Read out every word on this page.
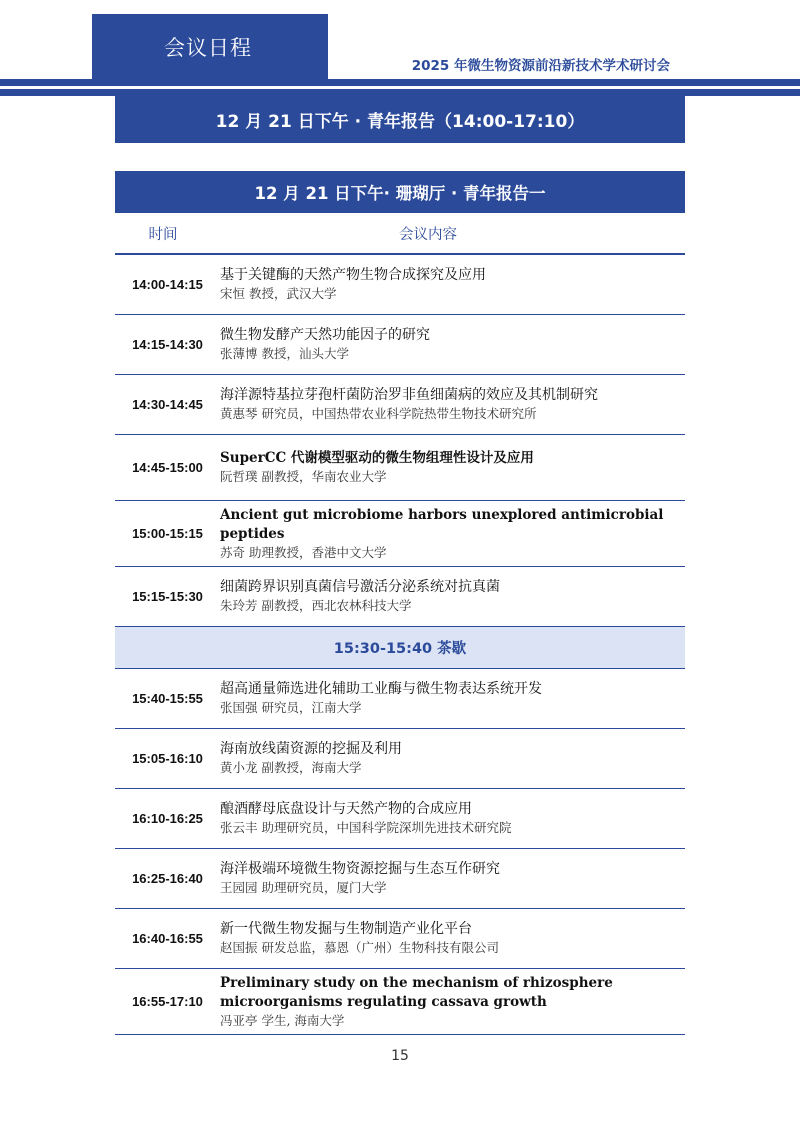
会议日程
2025 年微生物资源前沿新技术学术研讨会
12 月 21 日下午 · 青年报告（14:00-17:10）
12 月 21 日下午· 珊瑚厅 · 青年报告一
时间	会议内容
14:00-14:15
基于关键酶的天然产物生物合成探究及应用
宋恒 教授，武汉大学
14:15-14:30
微生物发酵产天然功能因子的研究
张薄博 教授，汕头大学
14:30-14:45
海洋源特基拉芽孢杆菌防治罗非鱼细菌病的效应及其机制研究
黄惠琴 研究员，中国热带农业科学院热带生物技术研究所
14:45-15:00
SuperCC 代谢模型驱动的微生物组理性设计及应用
阮哲璞 副教授，华南农业大学
15:00-15:15
Ancient gut microbiome harbors unexplored antimicrobial peptides
苏奇 助理教授，香港中文大学
15:15-15:30
细菌跨界识别真菌信号激活分泌系统对抗真菌
朱玲芳 副教授，西北农林科技大学
15:30-15:40 茶歇
15:40-15:55
超高通量筛选进化辅助工业酶与微生物表达系统开发
张国强 研究员，江南大学
15:05-16:10
海南放线菌资源的挖掘及利用
黄小龙 副教授，海南大学
16:10-16:25
酿酒酵母底盘设计与天然产物的合成应用
张云丰 助理研究员，中国科学院深圳先进技术研究院
16:25-16:40
海洋极端环境微生物资源挖掘与生态互作研究
王园园 助理研究员，厦门大学
16:40-16:55
新一代微生物发掘与生物制造产业化平台
赵国振 研发总监，慕恩（广州）生物科技有限公司
16:55-17:10
Preliminary study on the mechanism of rhizosphere microorganisms regulating cassava growth
冯亚亭 学生, 海南大学
15
